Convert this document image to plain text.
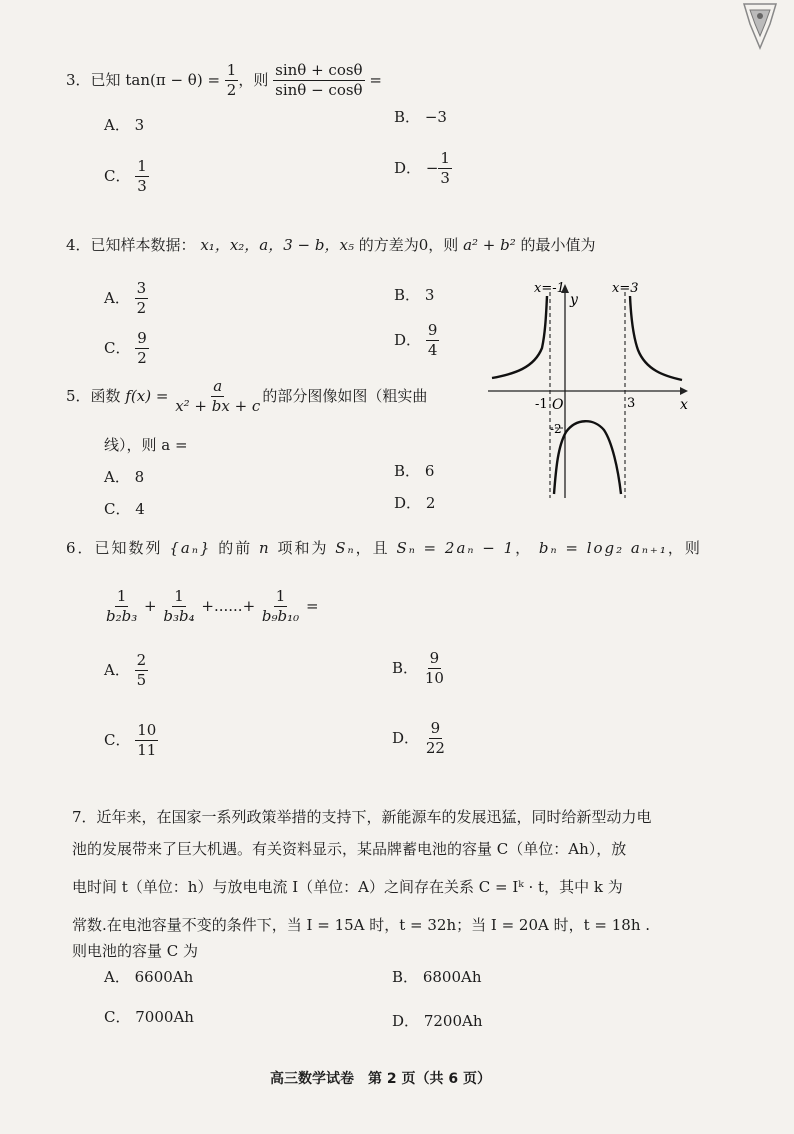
3．已知 $\tan(\pi - \theta) = \frac{1}{2}$ ，则 $\frac{\sin\theta + \cos\theta}{\sin\theta - \cos\theta}$ =
A． 3	B． −3
C． $\frac{1}{3}$	D． − $\frac{1}{3}$
4．已知样本数据： x₁，x₂，a，3 − b，x₅ 的方差为0，则 a² + b² 的最小值为
A． $\frac{3}{2}$	B． 3
C． $\frac{9}{2}$	D． $\frac{9}{4}$
5．函数 $f(x) = \frac{a}{\text{x² + bx + c}}$ 的部分图像如图（粗实曲
线），则 a =
A． 8	B． 6
C． 4	D． 2
x=-1	x=3
y
x
-1 O	3
-2
6．已知数列 {aₙ} 的前 n 项和为 Sₙ，且 Sₙ = 2aₙ − 1， bₙ = log₂ aₙ₊₁，则
$\frac{1}{\text{b₂b₃}} + \frac{1}{\text{b₃b₄}}$ +......+ $\frac{1}{\text{b₉b₁₀}}$ =
A． $\frac{2}{5}$	B． $\frac{9}{10}$
C． $\frac{10}{11}$	D． $\frac{9}{22}$
7．近年来，在国家一系列政策举措的支持下，新能源车的发展迅猛，同时给新型动力电
池的发展带来了巨大机遇。有关资料显示，某品牌蓄电池的容量 C（单位：Ah），放
电时间 t（单位：h）与放电电流 I（单位：A）之间存在关系 C = Iᵏ · t，其中 k 为
常数.在电池容量不变的条件下，当 I = 15A 时，t = 32h；当 I = 20A 时，t = 18h .
则电池的容量 C 为
A． 6600Ah	B． 6800Ah
C． 7000Ah	D． 7200Ah
高三数学试卷　第 2 页（共 6 页）
